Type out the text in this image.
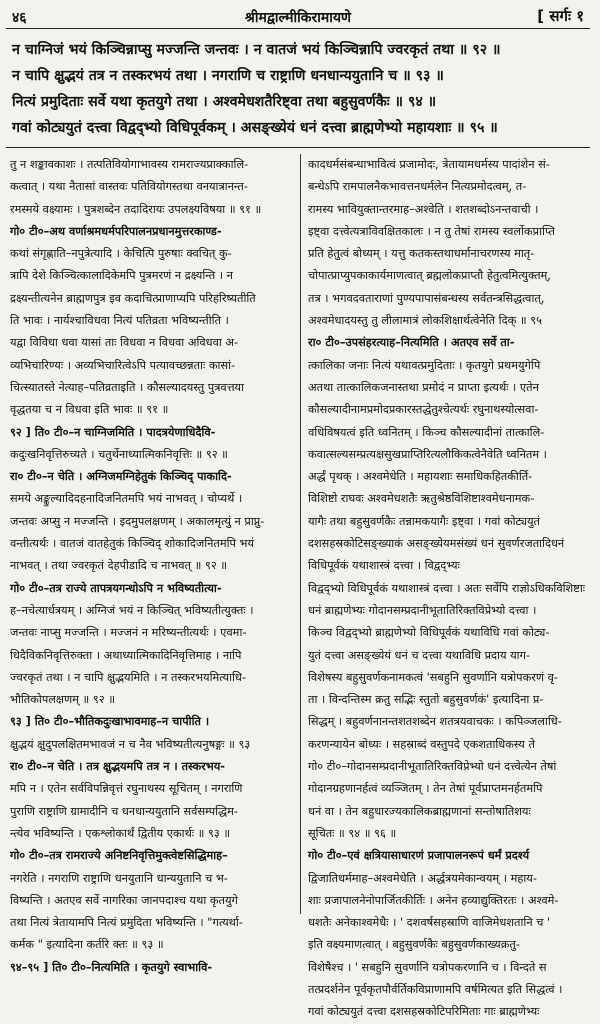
४६	श्रीमद्वाल्मीकिरामायणे	[ सर्गः १
न चाग्निजं भयं किञ्चिन्नाप्सु मज्जन्ति जन्तवः । न वातजं भयं किञ्चिन्नापि ज्वरकृतं तथा ॥ ९२ ॥
न चापि क्षुद्भयं तत्र न तस्करभयं तथा । नगराणि च राष्ट्राणि धनधान्ययुतानि च ॥ ९३ ॥
नित्यं प्रमुदिताः सर्वे यथा कृतयुगे तथा । अश्वमेधशतैरिष्ट्वा तथा बहुसुवर्णकैः ॥ ९४ ॥
गवां कोट्ययुतं दत्त्वा विद्वद्भ्यो विधिपूर्वकम् । असङ्ख्येयं धनं दत्त्वा ब्राह्मणेभ्यो महायशाः ॥ ९५ ॥
तु न शङ्कावकाशः । तत्पतिवियोगाभावस्य रामराज्यप्राक्कालि-
कत्वात् । यथा नैतासां वास्तवः पतिवियोगस्तथा वनयात्रानन्त-
रमस्मये वक्ष्यामः । पुत्रशब्देन तदादिरायः उपलक्ष्यविषया ॥ ९१ ॥
गो० टी०–अथ वर्णाश्रमधर्मपरिपालनप्रधानमुत्तरकाण्ड-
कथां संगृह्णाति–नपुत्रेत्यादि । केचित्पि पुरुषाः क्वचित् कु-
त्रापि देशे किञ्चित्कालादिकेमपि पुत्रमरणं न द्रक्ष्यन्ति । न
द्रक्ष्यन्तीत्यनेन ब्राह्मणपुत्र इव कदाचित्प्राणाप्यपि परिहरिष्यतीति
ति भावः । नार्यश्चाविधवा नित्यं पतिव्रता भविष्यन्तीति ।
यद्वा विविधा धवा यासां ताः विधवा न विधवा अविधवा अ-
व्यभिचारिण्यः । अव्यभिचारित्वेऽपि पत्यावच्छन्नताः कासां-
चित्स्यातस्ते नेत्याह–पतिव्रताइति । कौसल्यादयस्तु पुत्रवत्तया
वृद्धतया च न विधवा इति भावः ॥ ९१ ॥
९२ ] ति० टी०–न चाग्निजमिति । पादत्रयेणाधिदैवि-
कदुःखनिवृत्तिरुच्यते । चतुर्थेनाध्यात्मिकनिवृत्तिः ॥ ९२ ॥
रा० टी०–न चेति । अग्निजमग्निहेतुकं किञ्चिद् पाकादि-
समये अङ्कुल्यादिदहनादिजनितमपि भयं नाभवत् । चोप्यर्थे ।
जन्तवः अप्सु न मज्जन्ति । इदमुपलक्षणम् । अकालमृत्युं न प्राप्नु-
वन्तीत्यर्थः । वातजं वातहेतुकं किञ्चिद् शोकादिजनितमपि भयं
नाभवत् । तथा ज्वरकृतं देहपीडादि च नाभवत् ॥ ९२ ॥
गो० टी०–तत्र राज्ये तापत्रयगन्धोऽपि न भविष्यतीत्या-
ह–नचेत्यार्धत्रयम् । अग्निजं भयं न किञ्चित् भविष्यतीत्युक्तः ।
जन्तवः नाप्सु मज्जन्ति । मज्जनं न मरिष्यन्तीत्यर्थः । एवमा-
धिदैविकनिवृत्तिरुक्ता । अथाध्यात्मिकादिनिवृत्तिमाह । नापि
ज्वरकृतं तथा । न चापि क्षुद्भयमिति । न तस्करभयमित्याधि-
भौतिकोपलक्षणम् ॥ ९२ ॥
९३ ] ति० टी०–भौतिकदुःखाभावमाह–न चापीति ।
क्षुद्भयं क्षुदुपलक्षितमभावजं न च नैव भविष्यतीत्यनुषङ्गः ॥ ९३
रा० टी०–न चेति । तत्र क्षुद्भयमपि तत्र न । तस्करभय-
मपि न । एतेन सर्वविपन्निवृत्तं रघुनाथस्य सूचितम् । नगराणि
पुराणि राष्ट्राणि ग्रामादीनि च धनधान्ययुतानि सर्वसम्पद्धिम-
न्त्येव भविष्यन्ति । एकश्लोकार्थं द्वितीय एकार्थः ॥ ९३ ॥
गो० टी०–तत्र रामराज्ये अनिष्टनिवृत्तिमुक्त्वेष्टसिद्धिमाह–
नगरेति । नगराणि राष्ट्राणि धनयुतानि धान्ययुतानि च भ-
विष्यन्ति । अतएव सर्वे नागरिका जानपदाश्च यथा कृतयुगे
तथा नित्यं त्रेतायामपि नित्यं प्रमुदिता भविष्यन्ति । "गत्यर्था-
कर्मक " इत्यादिना कर्तरि क्तः ॥ ९३ ॥
९४–९५ ] ति० टी०–नित्यमिति । कृतयुगे स्वाभावि-
कादधर्मसंबन्धाभावित्वं प्रजामोदः, त्रेतायामधर्मस्य पादांशेन सं-
बन्धेऽपि रामपालनैकभावत्तनधर्मलेन नित्यप्रमोदत्वम्, त-
रामस्य भावियुक्तान्तरमाह–अश्वेति । शतशब्दोऽनन्तवाची ।
इष्ट्वा दत्त्वेत्यत्राविवक्षितकालः । न तु तेषां रामस्य स्वर्लोकप्राप्ति
प्रति हेतुत्वं बोध्यम् । यत्तु कतकस्तथाधर्मानाचरणस्य मातृ-
चोपात्प्राप्युपकाकार्यमाणत्वात् ब्रह्मलोकप्राप्तौ हेतुत्वमित्युक्तम्,
तत्र । भगवदवताराणां पुण्यपापासंबन्धस्य सर्वतन्त्रसिद्धत्वात्,
अश्वमेधादयस्तु तु लीलामात्रं लोकशिक्षार्थत्वेनेति दिक् ॥ ९५
रा० टी०–उपसंहरत्याह–नित्यमिति । अतएव सर्वे ता-
त्कालिका जनाः नित्यं यथावत्प्रमुदिताः । कृतयुगे प्रथमयुगेपि
अतथा तात्कालिकजनास्तथा प्रमोदं न प्राप्ता इत्यर्थः । एतेन
कौसल्यादीनामप्रमोदप्रकारस्तद्धेतुश्चेत्यर्थः रघुनाथस्योत्सवा-
वधिविषयत्वं इति ध्वनितम् । किञ्च कौसल्यादीनां तात्कालि-
कवात्सल्यसम्प्रत्यक्षसुखप्राप्तिरित्यलौकिकत्वेनैवेति ध्वनितम ।
अर्द्धं पृथक् । अश्वमेधेति । महायशाः समाधिकहितकीर्ति-
विशिष्टो राघवः अश्वमेधशतैः ऋतुश्रेष्ठविशिष्टाश्वमेधनामक-
यागैः तथा बहुसुवर्णकैः तन्नामकयागैः इष्ट्वा । गवां कोट्ययुतं
दशसहस्रकोटिसङ्ख्याकं असङ्ख्येयमसंख्यं धनं सुवर्णरजतादिधनं
विधिपूर्वकं यथाशास्त्रं दत्त्वा । विद्वद्भ्यः
विद्वद्भ्यो विधिपूर्वकं यथाशास्त्रं दत्त्वा । अतः सर्वेपि राज्ञोऽधिकविशिष्टाः
धनं ब्राह्मणेभ्यः गोदानसम्प्रदानीभूतातिरिक्तविप्रेभ्यो दत्त्वा ।
किञ्च विद्वद्भ्यो ब्राह्मणेभ्यो विधिपूर्वकं यथाविधि गवां कोट्य-
युतं दत्त्वा असङ्ख्येयं धनं च दत्त्वा यथाविधि प्रदाय याग-
विशेषस्य बहुसुवर्णकनामकत्वं 'सबहुनि सुवर्णानि यत्रोपकरणं वृ-
ता । विन्दन्तिस्म क्रतु सद्भिः स्तुतो बहुसुवर्णकं' इत्यादिना प्र-
सिद्धम् । बहुवर्णनानन्तशतशब्देन शतत्रयवाचकः । कपिञ्जलाधि-
करणन्यायेन बोध्यः । सहस्राब्दं वस्तुपदे एकशताधिकस्य ते
गो० टी०–गोदानसम्प्रदानीभूतातिरिक्तविप्रेभ्यो धनं दत्त्वेत्येन तेषां
गोदानग्रहणानर्हत्वं व्यञ्जितम् । तेन तेषां पूर्वप्राप्तमनर्हतमपि
धनं वा । तेन बहुधारज्यकालिकब्राह्मणानां सन्तोषातिशयः
सूचितः ॥ ९४ ॥ ९६ ॥
गो० टी०–एवं क्षत्रियासाधारणं प्रजापालनरूपं धर्मं प्रदर्श्य
द्विजातिधर्ममाह–अश्वमेधेति । अर्द्धत्रयमेकान्वयम् । महाय-
शाः प्रजापालनेनोपार्जितकीर्तिः । अनेन हव्याद्युक्तिरतः । अश्वमे-
धशतैः अनेकाश्वमेधैः । ' दशवर्षसहस्राणि वाजिमेधशतानि च '
इति वक्ष्यमाणत्वात् । बहुसुवर्णकैः बहुसुवर्णकाख्यक्रतु-
विशेषैश्च । ' सबहुनि सुवर्णानि यत्रोपकरणानि च । विन्दते स
तत्प्रदर्शनेन पूर्वकृतपौर्वर्तिकविप्राणामपि वर्षमित्यत इति सिद्धत्वं ।
गवां कोट्ययुतं दत्त्वा दशसहस्रकोटिपरिमिताः गाः ब्राह्मणेभ्यः
